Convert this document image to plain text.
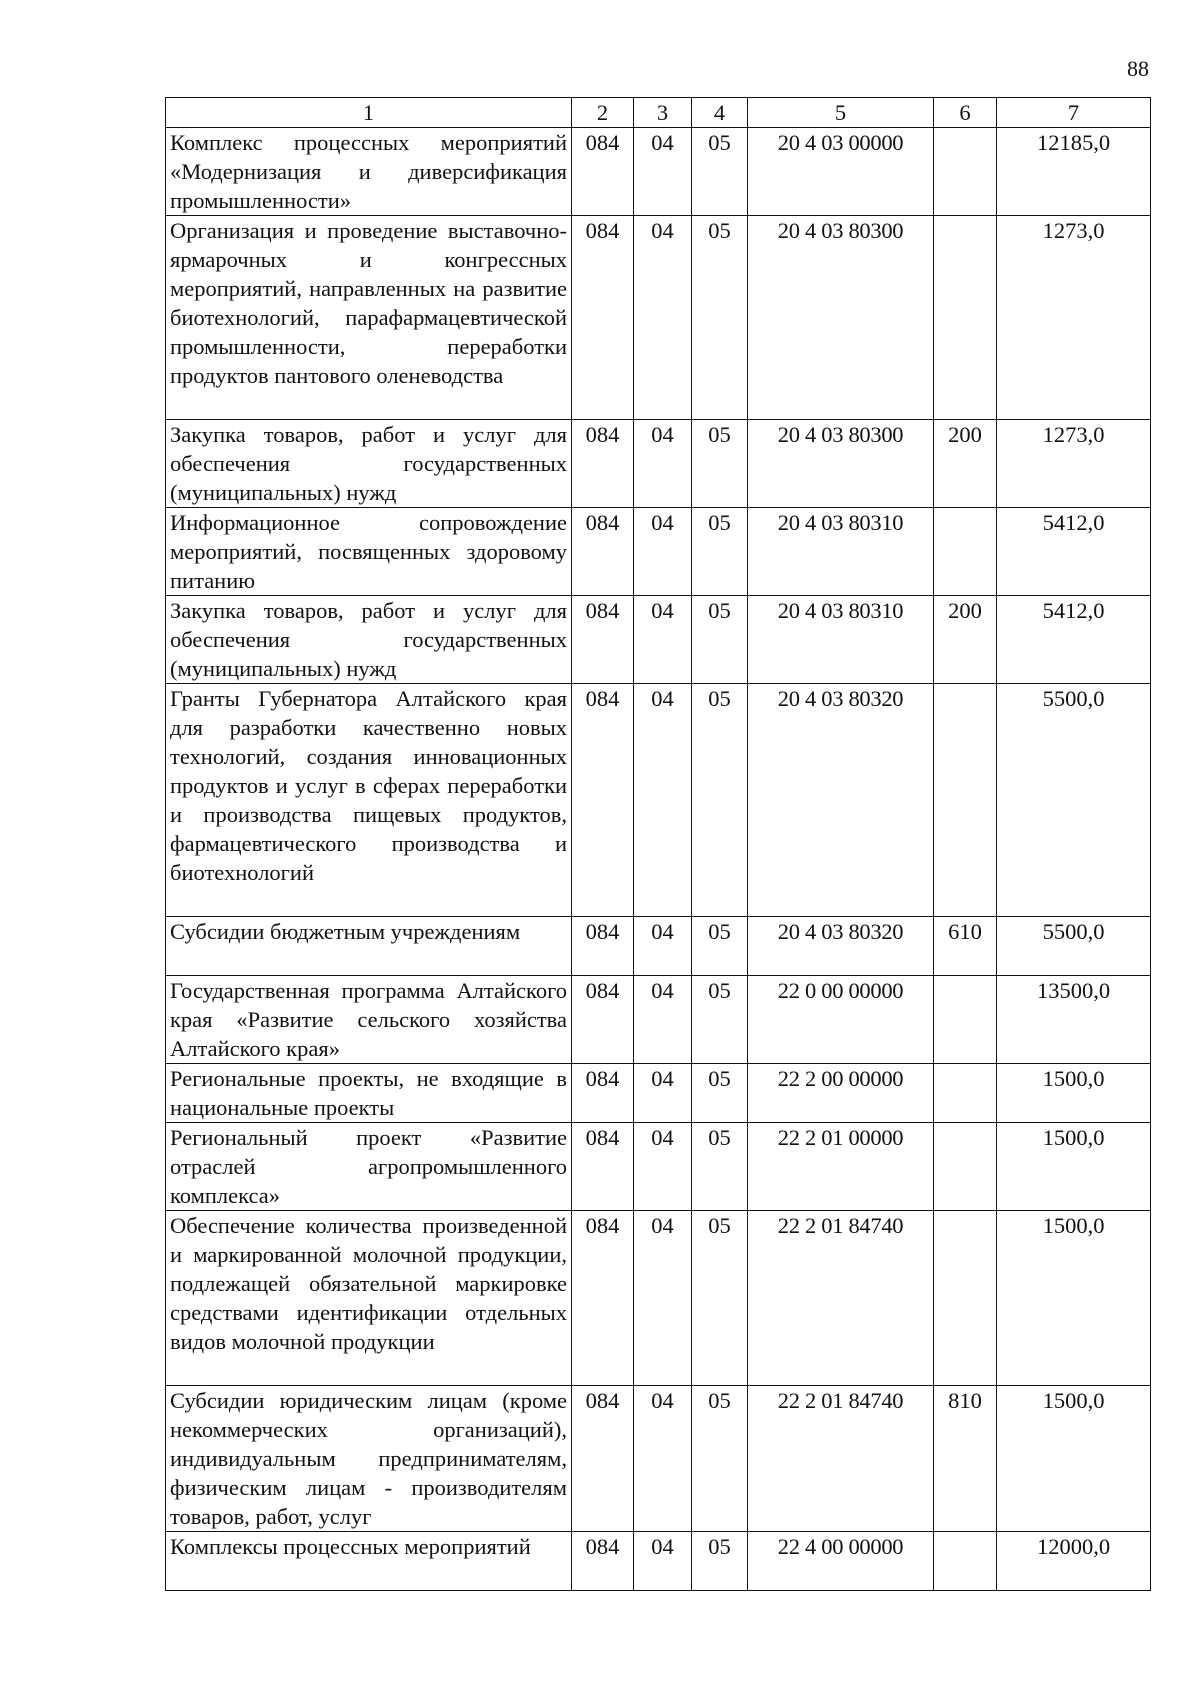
88
1	2	3	4	5	6	7
Комплекс процессных мероприятий «Модернизация и диверсификация промышленности»	084	04	05	20 4 03 00000		12185,0
Организация и проведение выставочно-ярмарочных и конгрессных мероприятий, направленных на развитие биотехнологий, парафармацевтической промышленности, переработки продуктов пантового оленеводства	084	04	05	20 4 03 80300		1273,0
Закупка товаров, работ и услуг для обеспечения государственных (муниципальных) нужд	084	04	05	20 4 03 80300	200	1273,0
Информационное сопровождение мероприятий, посвященных здоровому питанию	084	04	05	20 4 03 80310		5412,0
Закупка товаров, работ и услуг для обеспечения государственных (муниципальных) нужд	084	04	05	20 4 03 80310	200	5412,0
Гранты Губернатора Алтайского края для разработки качественно новых технологий, создания инновационных продуктов и услуг в сферах переработки и производства пищевых продуктов, фармацевтического производства и биотехнологий	084	04	05	20 4 03 80320		5500,0
Субсидии бюджетным учреждениям	084	04	05	20 4 03 80320	610	5500,0
Государственная программа Алтайского края «Развитие сельского хозяйства Алтайского края»	084	04	05	22 0 00 00000		13500,0
Региональные проекты, не входящие в национальные проекты	084	04	05	22 2 00 00000		1500,0
Региональный проект «Развитие отраслей агропромышленного комплекса»	084	04	05	22 2 01 00000		1500,0
Обеспечение количества произведенной и маркированной молочной продукции, подлежащей обязательной маркировке средствами идентификации отдельных видов молочной продукции	084	04	05	22 2 01 84740		1500,0
Субсидии юридическим лицам (кроме некоммерческих организаций), индивидуальным предпринимателям, физическим лицам - производителям товаров, работ, услуг	084	04	05	22 2 01 84740	810	1500,0
Комплексы процессных мероприятий	084	04	05	22 4 00 00000		12000,0
